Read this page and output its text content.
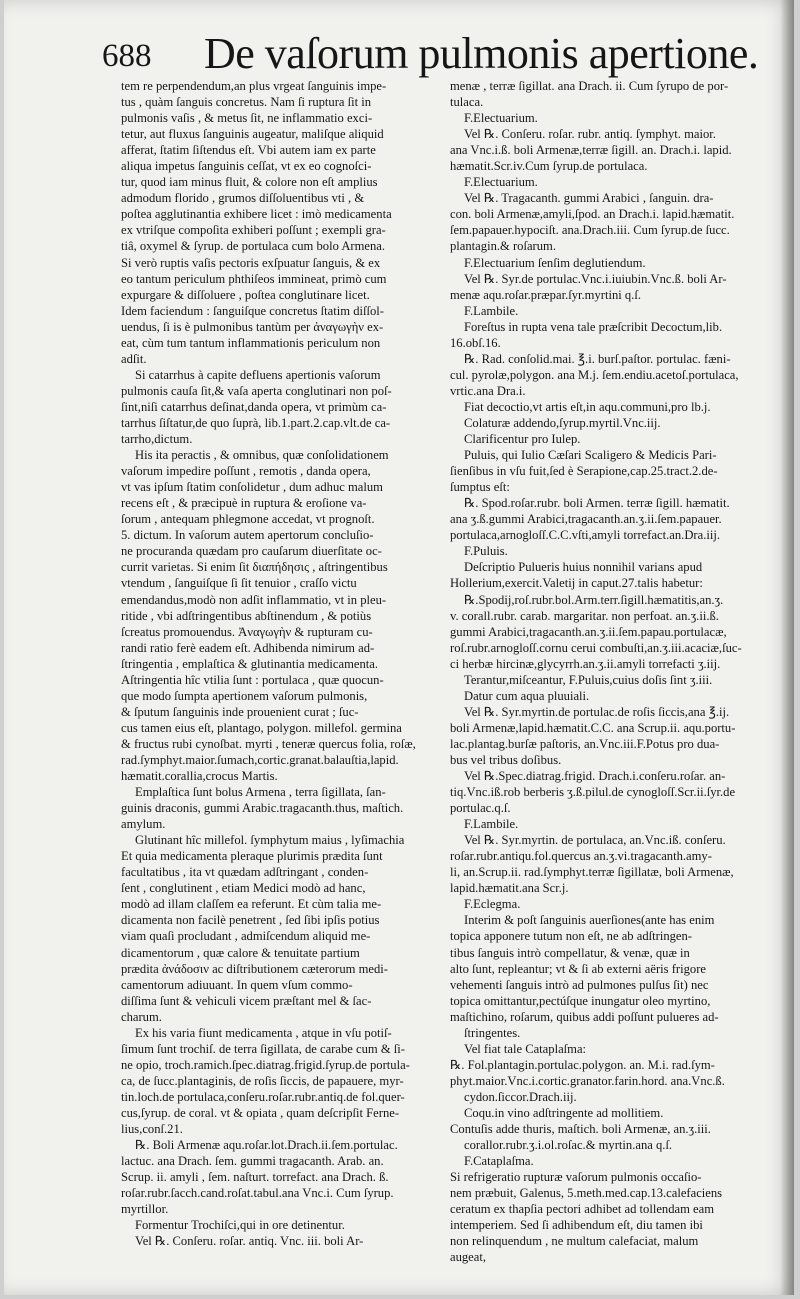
688 De vaſorum pulmonis apertione.
tem re perpendendum,an plus vrgeat ſanguinis impe-
tus , quàm ſanguis concretus. Nam ſi ruptura ſit in
pulmonis vaſis , & metus ſit, ne inflammatio exci-
tetur, aut fluxus ſanguinis augeatur, maliſque aliquid
afferat, ſtatim ſiſtendus eſt. Vbi autem iam ex parte
aliqua impetus ſanguinis ceſſat, vt ex eo cognoſci-
tur, quod iam minus fluit, & colore non eſt amplius
admodum florido , grumos diſſoluentibus vti , &
poſtea agglutinantia exhibere licet : imò medicamenta
ex vtriſque compoſita exhiberi poſſunt ; exempli gra-
tiâ, oxymel & ſyrup. de portulaca cum bolo Armena.
Si verò ruptis vaſis pectoris exſpuatur ſanguis, & ex
eo tantum periculum phthiſeos immineat, primò cum
expurgare & diſſoluere , poſtea conglutinare licet.
Idem faciendum : ſanguiſque concretus ſtatim diſſol-
uendus, ſi is è pulmonibus tantùm per ἀναγωγὴν ex-
eat, cùm tum tantum inflammationis periculum non
adſit.
Si catarrhus à capite defluens apertionis vaſorum
pulmonis cauſa ſit,& vaſa aperta conglutinari non poſ-
ſint,niſi catarrhus deſinat,danda opera, vt primùm ca-
tarrhus ſiſtatur,de quo ſuprà, lib.1.part.2.cap.vlt.de ca-
tarrho,dictum.
His ita peractis , & omnibus, quæ conſolidationem
vaſorum impedire poſſunt , remotis , danda opera,
vt vas ipſum ſtatim conſolidetur , dum adhuc malum
recens eſt , & præcipuè in ruptura & eroſione va-
ſorum , antequam phlegmone accedat, vt prognoſt.
5. dictum. In vaſorum autem apertorum concluſio-
ne procuranda quædam pro cauſarum diuerſitate oc-
currit varietas. Si enim ſit διαπήδησις , aſtringentibus
vtendum , ſanguiſque ſi ſit tenuior , craſſo victu
emendandus,modò non adſit inflammatio, vt in pleu-
ritide , vbi adſtringentibus abſtinendum , & potiùs
ſcreatus promouendus. Ἀναγωγὴν & rupturam cu-
randi ratio ferè eadem eſt. Adhibenda nimirum ad-
ſtringentia , emplaſtica & glutinantia medicamenta.
Aſtringentia hîc vtilia ſunt : portulaca , quæ quocun-
que modo ſumpta apertionem vaſorum pulmonis,
& ſputum ſanguinis inde prouenient curat ; ſuc-
cus tamen eius eſt, plantago, polygon. millefol. germina
& fructus rubi cynoſbat. myrti , teneræ quercus folia, roſæ,
rad.ſymphyt.maior.ſumach,cortic.granat.balauſtia,lapid.
hæmatit.corallia,crocus Martis.
Emplaſtica ſunt bolus Armena , terra ſigillata, ſan-
guinis draconis, gummi Arabic.tragacanth.thus, maſtich.
amylum.
Glutinant hîc millefol. ſymphytum maius , lyſimachia
Et quia medicamenta pleraque plurimis prædita ſunt
facultatibus , ita vt quædam adſtringant , conden-
ſent , conglutinent , etiam Medici modò ad hanc,
modò ad illam claſſem ea referunt. Et cùm talia me-
dicamenta non facilè penetrent , ſed ſibi ipſis potius
viam quaſi procludant , admiſcendum aliquid me-
dicamentorum , quæ calore & tenuitate partium
prædita ἀνάδοσιν ac diſtributionem cæterorum medi-
camentorum adiuuant. In quem vſum commo-
diſſima ſunt & vehiculi vicem præſtant mel & ſac-
charum.
Ex his varia fiunt medicamenta , atque in vſu potiſ-
ſimum ſunt trochiſ. de terra ſigillata, de carabe cum & ſi-
ne opio, troch.ramich.ſpec.diatrag.frigid.ſyrup.de portula-
ca, de ſucc.plantaginis, de roſis ſiccis, de papauere, myr-
tin.loch.de portulaca,conſeru.roſar.rubr.antiq.de fol.quer-
cus,ſyrup. de coral. vt & opiata , quam deſcripſit Ferne-
lius,conſ.21.
℞. Boli Armenæ aqu.roſar.lot.Drach.ii.ſem.portulac.
lactuc. ana Drach. ſem. gummi tragacanth. Arab. an.
Scrup. ii. amyli , ſem. naſturt. torrefact. ana Drach. ß.
roſar.rubr.ſacch.cand.roſat.tabul.ana Vnc.i. Cum ſyrup.
myrtillor.
Formentur Trochiſci,qui in ore detinentur.
Vel ℞. Conſeru. roſar. antiq. Vnc. iii. boli Ar-
menæ , terræ ſigillat. ana Drach. ii. Cum ſyrupo de por-
tulaca.
F.Electuarium.
Vel ℞. Conſeru. roſar. rubr. antiq. ſymphyt. maior.
ana Vnc.i.ß. boli Armenæ,terræ ſigill. an. Drach.i. lapid.
hæmatit.Scr.iv.Cum ſyrup.de portulaca.
F.Electuarium.
Vel ℞. Tragacanth. gummi Arabici , ſanguin. dra-
con. boli Armenæ,amyli,ſpod. an Drach.i. lapid.hæmatit.
ſem.papauer.hypociſt. ana.Drach.iii. Cum ſyrup.de ſucc.
plantagin.& roſarum.
F.Electuarium ſenſim deglutiendum.
Vel ℞. Syr.de portulac.Vnc.i.iuiubin.Vnc.ß. boli Ar-
menæ aqu.roſar.præpar.ſyr.myrtini q.ſ.
F.Lambile.
Foreſtus in rupta vena tale præſcribit Decoctum,lib.
16.obſ.16.
℞. Rad. conſolid.mai. ℥.i. burſ.paſtor. portulac. fæni-
cul. pyrolæ,polygon. ana M.j. ſem.endiu.acetoſ.portulaca,
vrtic.ana Dra.i.
Fiat decoctio,vt artis eſt,in aqu.communi,pro lb.j.
Colaturæ addendo,ſyrup.myrtil.Vnc.iij.
Clarificentur pro Iulep.
Puluis, qui Iulio Cæſari Scaligero & Medicis Pari-
ſienſibus in vſu fuit,ſed è Serapione,cap.25.tract.2.de-
ſumptus eſt:
℞. Spod.roſar.rubr. boli Armen. terræ ſigill. hæmatit.
ana ʒ.ß.gummi Arabici,tragacanth.an.ʒ.ii.ſem.papauer.
portulaca,arnogloſſ.C.C.vſti,amyli torrefact.an.Dra.iij.
F.Puluis.
Deſcriptio Pulueris huius nonnihil varians apud
Hollerium,exercit.Valetij in caput.27.talis habetur:
℞.Spodij,roſ.rubr.bol.Arm.terr.ſigill.hæmatitis,an.ʒ.
v. corall.rubr. carab. margaritar. non perfoat. an.ʒ.ii.ß.
gummi Arabici,tragacanth.an.ʒ.ii.ſem.papau.portulacæ,
roſ.rubr.arnogloſſ.cornu cerui combuſti,an.ʒ.iii.acaciæ,ſuc-
ci herbæ hircinæ,glycyrrh.an.ʒ.ii.amyli torrefacti ʒ.iij.
Terantur,miſceantur, F.Puluis,cuius doſis ſint ʒ.iii.
Datur cum aqua pluuiali.
Vel ℞. Syr.myrtin.de portulac.de roſis ſiccis,ana ℥.ij.
boli Armenæ,lapid.hæmatit.C.C. ana Scrup.ii. aqu.portu-
lac.plantag.burſæ paſtoris, an.Vnc.iii.F.Potus pro dua-
bus vel tribus doſibus.
Vel ℞.Spec.diatrag.frigid. Drach.i.conſeru.roſar. an-
tiq.Vnc.iß.rob berberis ʒ.ß.pilul.de cynogloſſ.Scr.ii.ſyr.de
portulac.q.ſ.
F.Lambile.
Vel ℞. Syr.myrtin. de portulaca, an.Vnc.iß. conſeru.
roſar.rubr.antiqu.fol.quercus an.ʒ.vi.tragacanth.amy-
li, an.Scrup.ii. rad.ſymphyt.terræ ſigillatæ, boli Armenæ,
lapid.hæmatit.ana Scr.j.
F.Eclegma.
Interim & poſt ſanguinis auerſiones(ante has enim
topica apponere tutum non eſt, ne ab adſtringen-
tibus ſanguis intrò compellatur, & venæ, quæ in
alto ſunt, repleantur; vt & ſi ab externi aëris frigore
vehementi ſanguis intrò ad pulmones pulſus ſit) nec
topica omittantur,pectúſque inungatur oleo myrtino,
maſtichino, roſarum, quibus addi poſſunt pulueres ad-
ſtringentes.
Vel fiat tale Cataplaſma:
℞. Fol.plantagin.portulac.polygon. an. M.i. rad.ſym-
phyt.maior.Vnc.i.cortic.granator.farin.hord. ana.Vnc.ß.
cydon.ſiccor.Drach.iij.
Coqu.in vino adſtringente ad mollitiem.
Contuſis adde thuris, maſtich. boli Armenæ, an.ʒ.iii.
corallor.rubr.ʒ.i.ol.roſac.& myrtin.ana q.ſ.
F.Cataplaſma.
Si refrigeratio rupturæ vaſorum pulmonis occaſio-
nem præbuit, Galenus, 5.meth.med.cap.13.calefaciens
ceratum ex thapſia pectori adhibet ad tollendam eam
intemperiem. Sed ſi adhibendum eſt, diu tamen ibi
non relinquendum , ne multum calefaciat, malum
augeat,
